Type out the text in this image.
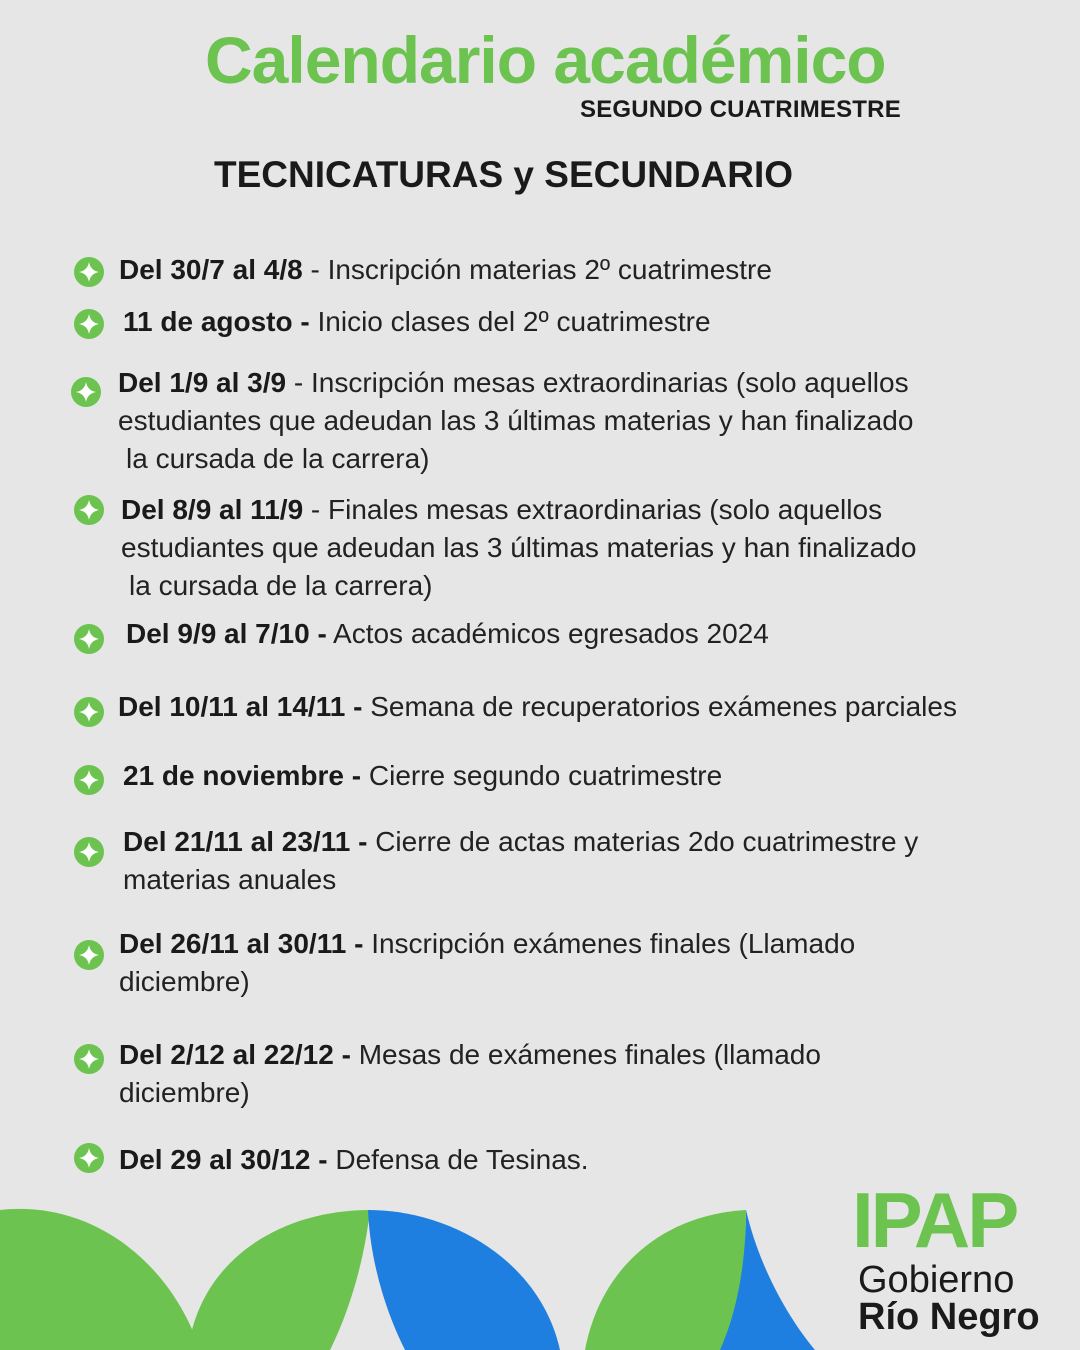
Calendario académico
SEGUNDO CUATRIMESTRE
TECNICATURAS y SECUNDARIO
Del 30/7 al 4/8 - Inscripción materias 2º cuatrimestre
11 de agosto - Inicio clases del 2º cuatrimestre
Del 1/9 al 3/9 - Inscripción mesas extraordinarias (solo aquellos
estudiantes que adeudan las 3 últimas materias y han finalizado
la cursada de la carrera)
Del 8/9 al 11/9 - Finales mesas extraordinarias (solo aquellos
estudiantes que adeudan las 3 últimas materias y han finalizado
la cursada de la carrera)
Del 9/9 al 7/10 - Actos académicos egresados 2024
Del 10/11 al 14/11 - Semana de recuperatorios exámenes parciales
21 de noviembre - Cierre segundo cuatrimestre
Del 21/11 al 23/11 - Cierre de actas materias 2do cuatrimestre y
materias anuales
Del 26/11 al 30/11 - Inscripción exámenes finales (Llamado
diciembre)
Del 2/12 al 22/12 - Mesas de exámenes finales (llamado
diciembre)
Del 29 al 30/12 - Defensa de Tesinas.
IPAP
Gobierno
Río Negro
